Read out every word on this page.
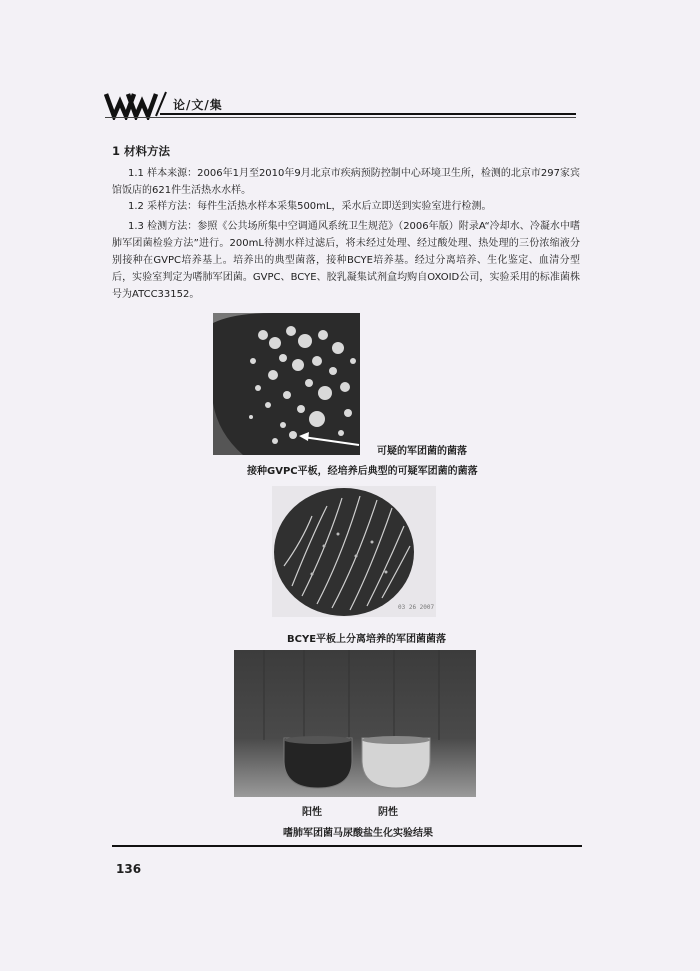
论/文/集
1 材料方法
1.1 样本来源：2006年1月至2010年9月北京市疾病预防控制中心环境卫生所，检测的北京市297家宾馆饭店的621件生活热水水样。
1.2 采样方法：每件生活热水样本采集500mL，采水后立即送到实验室进行检测。
1.3 检测方法：参照《公共场所集中空调通风系统卫生规范》（2006年版）附录A“冷却水、冷凝水中嗜肺军团菌检验方法”进行。200mL待测水样过滤后，将未经过处理、经过酸处理、热处理的三份浓缩液分别接种在GVPC培养基上。培养出的典型菌落，接种BCYE培养基。经过分离培养、生化鉴定、血清分型后，实验室判定为嗜肺军团菌。GVPC、BCYE、胶乳凝集试剂盒均购自OXOID公司，实验采用的标准菌株号为ATCC33152。
可疑的军团菌的菌落
接种GVPC平板，经培养后典型的可疑军团菌的菌落
03 26 2007
BCYE平板上分离培养的军团菌菌落
阳性	阴性
嗜肺军团菌马尿酸盐生化实验结果
136
